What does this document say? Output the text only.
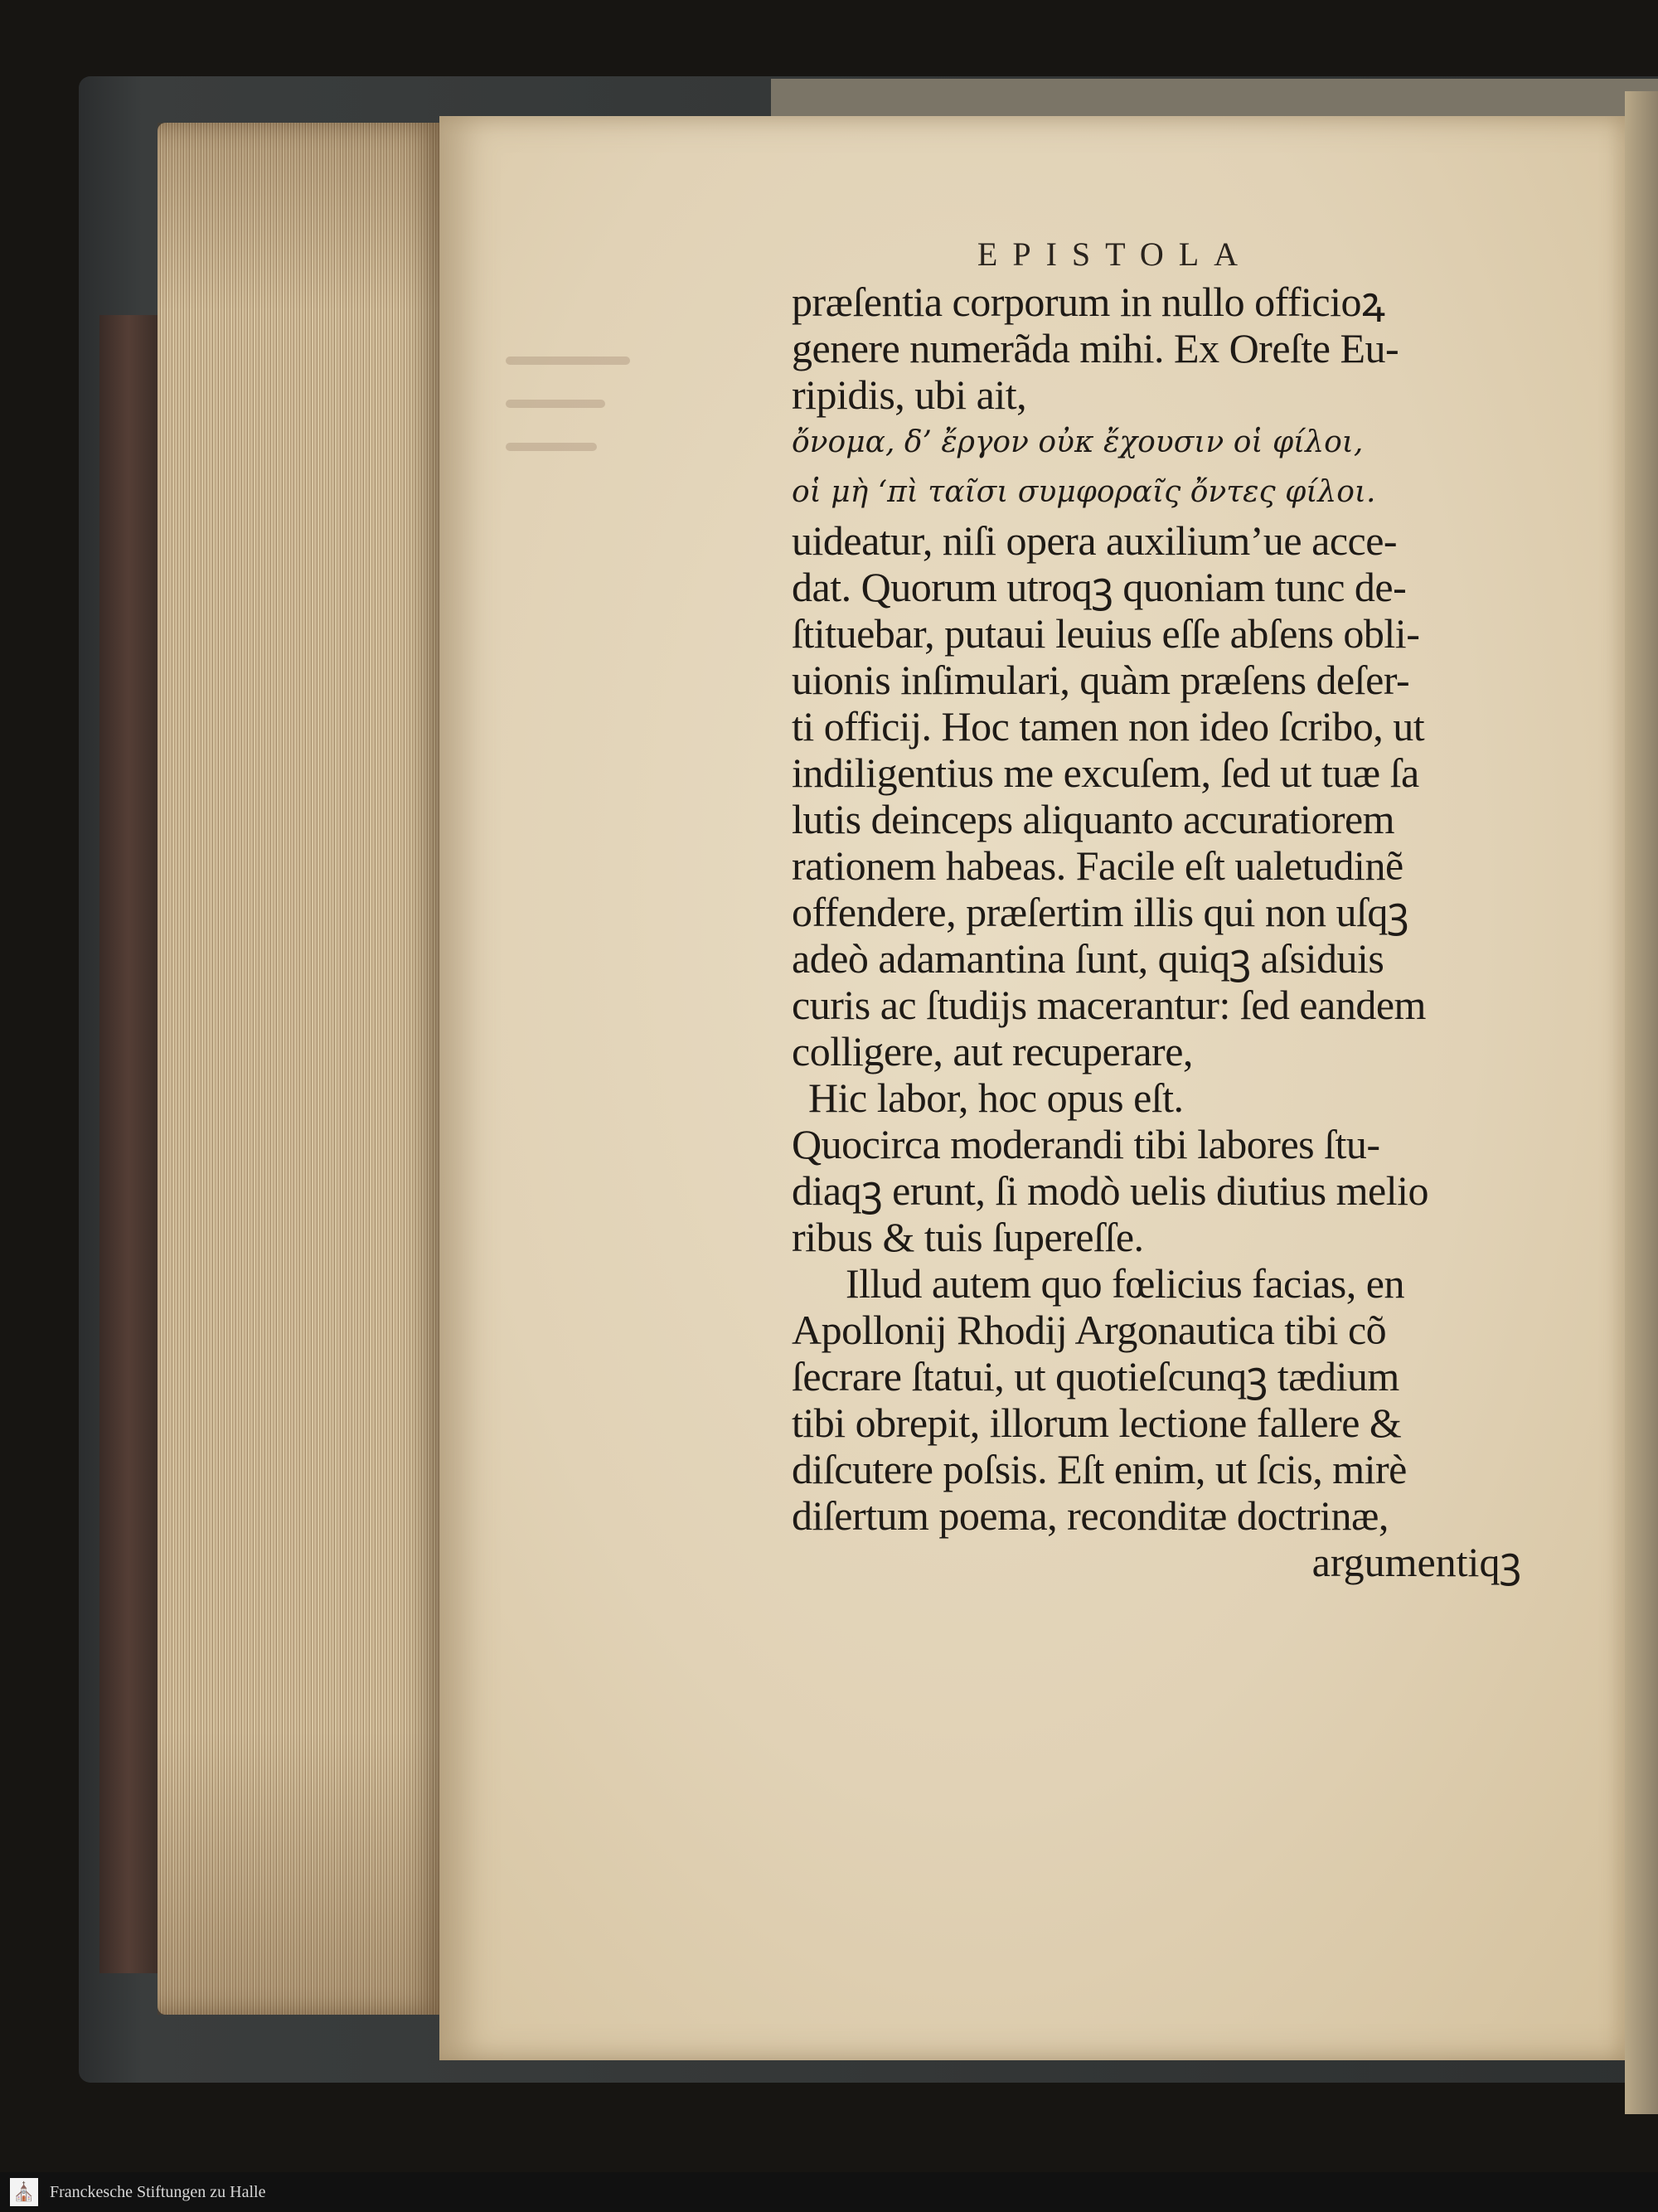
EPISTOLA
præſentia corporum in nullo officioꝝ
genere numerãda mihi. Ex Oreſte Eu-
ripidis, ubi ait,
ὄνομα, δ’ ἔργον οὐκ ἔχουσιν οἱ φίλοι,
οἱ μὴ ‘πὶ ταῖσι συμφοραῖς ὄντες φίλοι.
uideatur, niſi opera auxilium’ue acce-
dat. Quorum utroqꝫ quoniam tunc de-
ſtituebar, putaui leuius eſſe abſens obli-
uionis inſimulari, quàm præſens deſer-
ti officij. Hoc tamen non ideo ſcribo, ut
indiligentius me excuſem, ſed ut tuæ ſa
lutis deinceps aliquanto accuratiorem
rationem habeas. Facile eſt ualetudinẽ
offendere, præſertim illis qui non uſqꝫ
adeò adamantina ſunt, quiqꝫ aſsiduis
curis ac ſtudijs macerantur: ſed eandem
colligere, aut recuperare,
Hic labor, hoc opus eſt.
Quocirca moderandi tibi labores ſtu-
diaqꝫ erunt, ſi modò uelis diutius melio
ribus & tuis ſupereſſe.
Illud autem quo fœlicius facias, en
Apollonij Rhodij Argonautica tibi cõ
ſecrare ſtatui, ut quotieſcunqꝫ tædium
tibi obrepit, illorum lectione fallere &
diſcutere poſsis. Eſt enim, ut ſcis, mirè
diſertum poema, reconditæ doctrinæ,
argumentiqꝫ
⛪ Franckesche Stiftungen zu Halle
